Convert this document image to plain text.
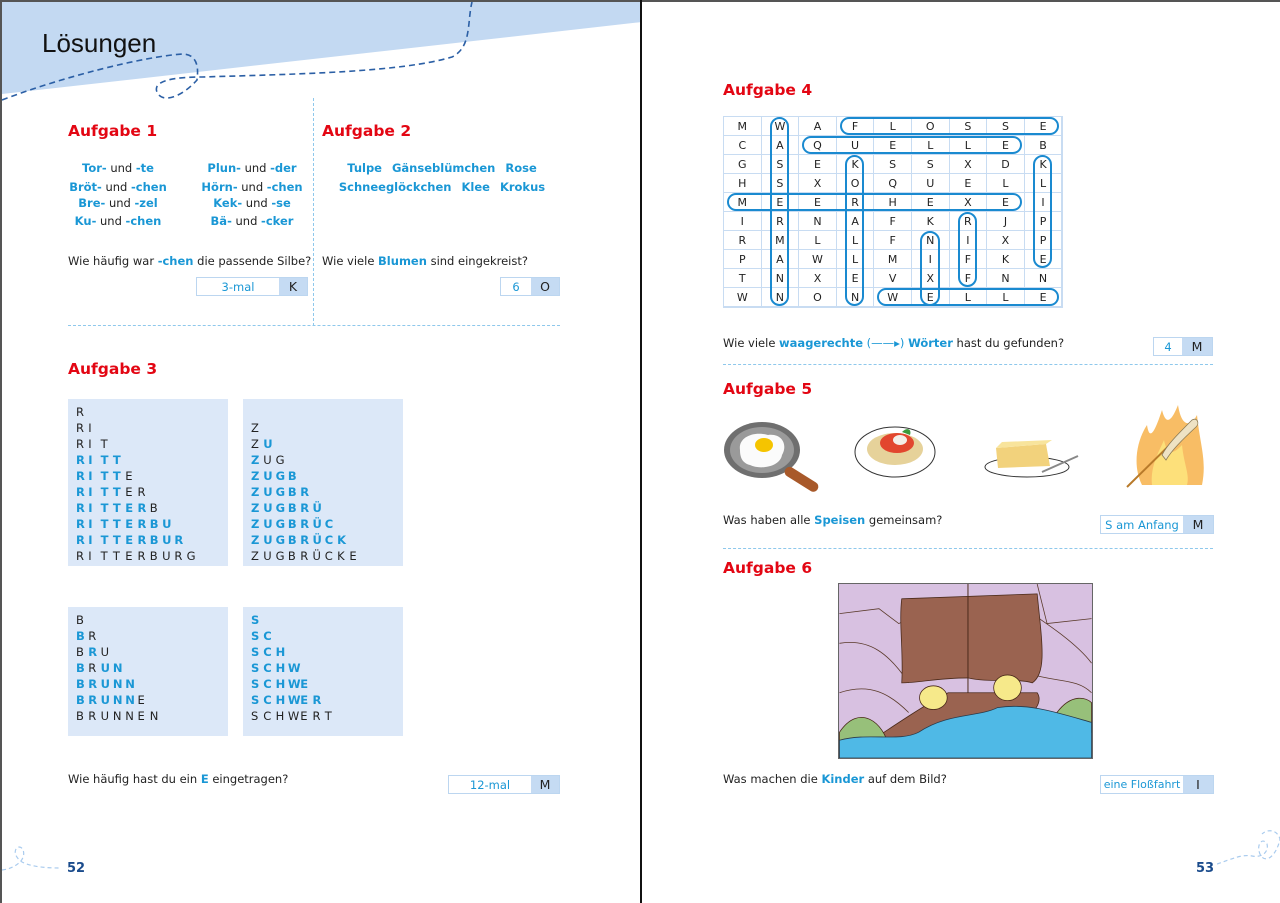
Lösungen
Aufgabe 1
Tor- und -te
Bröt- und -chen
Bre- und -zel
Ku- und -chen
Plun- und -der
Hörn- und -chen
Kek- und -se
Bä- und -cker
Wie häufig war -chen die passende Silbe?
3-mal	K
Aufgabe 2
Tulpe Gänseblümchen Rose
Schneeglöckchen Klee Krokus
Wie viele Blumen sind eingekreist?
6	O
Aufgabe 3
R
R I
R I T
R I T T
R I T T E
R I T T E R
R I T T E R B
R I T T E R B U
R I T T E R B U R
R I T T E R B U R G
Z
Z U
Z U G
Z U G B
Z U G B R
Z U G B R Ü
Z U G B R Ü C
Z U G B R Ü C K
Z U G B R Ü C K E
B
B R
B R U
B R U N
B R U N N
B R U N N E
B R U N N E N
S
S C
S C H
S C H W
S C H WE
S C H WE R
S C H WE R T
Wie häufig hast du ein E eingetragen?	12-mal	M
52
Aufgabe 4
M	W	A	F	L	O	S	S	E
C	A	Q	U	E	L	L	E	B
G	S	E	K	S	S	X	D	K
H	S	X	O	Q	U	E	L	L
M	E	E	R	H	E	X	E	I
I	R	N	A	F	K	R	J	P
R	M	L	L	F	N	I	X	P
P	A	W	L	M	I	F	K	E
T	N	X	E	V	X	F	N	N
W	N	O	N	W	E	L	L	E
Wie viele waagerechte (——▸) Wörter hast du gefunden?	4	M
Aufgabe 5
Was haben alle Speisen gemeinsam?	S am Anfang	M
Aufgabe 6
Was machen die Kinder auf dem Bild?	eine Floßfahrt	I
53
